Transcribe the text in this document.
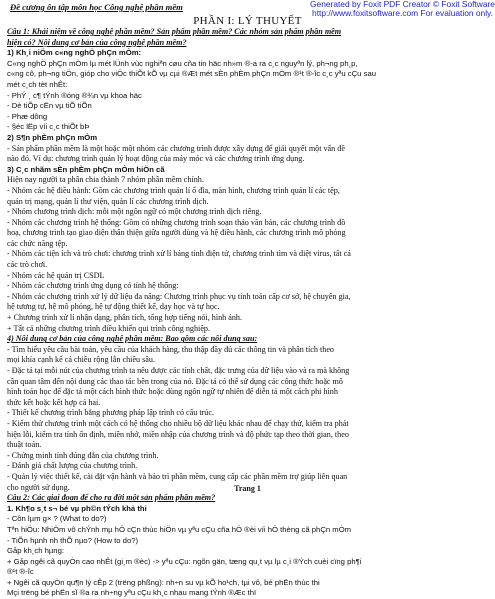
Đề cương ôn tập môn học Công nghệ phần mềm	Generated by Foxit PDF Creator © Foxit Software
http://www.foxitsoftware.com For evaluation only.
PHẦN I: LÝ THUYẾT
Câu 1: Khái niệm về công nghệ phần mềm? Sản phẩm phần mềm? Các nhóm sản phẩm phần mềm
hiện có? Nội dung cơ bản của công nghệ phần mềm?
1) Kh¸i niÖm c«ng nghÖ phÇn mÒm:
C«ng nghÖ phÇn mÒm lµ mét lÜnh vùc nghiªn cøu cña tin häc nh»m ®-a ra c¸c nguyªn lý, ph¬ng ph¸p,
c«ng cô, ph¬ng tiÖn, gióp cho viÖc thiÕt kÕ vµ cµi ®Æt mét sÈn phÈm phÇn mÒm ®¹t ®-îc c¸c yªu cÇu sau
mét c¸ch tèt nhÊt:
- PhÝ ¸ c¶ tÝnh ®óng ®¾n vµ khoa häc
- Dè tiÕp cËn vµ tiÕ tiÕn
- Phæ dông
- §éc lËp víi c¸c thiÕt bÞ
2) S¶n phÈm phÇn mÒm
- Sản phẩm phần mềm là một hoặc một nhóm các chương trình được xây dựng để giải quyết một vấn đề
nào đó. Ví dụ: chương trình quản lý hoạt động của máy móc và các chương trình ứng dụng.
3) C¸c nhãm sÈn phÈm phÇn mÒm hiÖn cã
Hiện nay người ta phân chia thành 7 nhóm phần mềm chính.
- Nhóm các hệ điều hành: Gồm các chương trình quản lí ổ đĩa, màn hình, chương trình quản lí các tệp,
quản trị mạng, quản lí thư viện, quản lí các chương trình dịch.
- Nhóm chương trình dịch: mỗi một ngôn ngữ có một chương trình dịch riêng.
- Nhóm các chương trình hệ thống: Gồm có những chương trình soạn thảo văn bản, các chương trình đồ
hoạ, chương trình tạo giao diện thân thiện giữa người dùng và hệ điều hành, các chương trình mô phỏng
các chức năng tệp.
- Nhóm các tiện ích và trò chơi: chương trình xử lí bảng tính điện tử, chương trình tìm và diệt virus, tất cả
các trò chơi.
- Nhóm các hệ quản trị CSDL
- Nhóm các chương trình ứng dụng có tính hệ thống:
- Nhóm các chương trình xử lý dữ liệu đa năng: Chương trình phục vụ tính toán cấp cơ sở, hệ chuyên gia,
hệ tương tự, hệ mô phỏng, hệ tự động thiết kế, dạy học và tự học.
+ Chương trình xử lí nhận dạng, phân tích, tổng hợp tiếng nói, hình ảnh.
+ Tất cả những chương trình điều khiển qui trình công nghiệp.
4) Nội dung cơ bản của công nghệ phần mềm: Bao gồm các nội dung sau:
- Tìm hiểu yêu cầu bài toán, yêu cầu của khách hàng, thu thập đầy đủ các thông tin và phân tích theo
mọi khía cạnh kể cả chiều rộng lẫn chiều sâu.
- Đặc tả tại mỗi nút của chương trình ta nêu được các tính chất, đặc trưng của dữ liệu vào và ra mà không
cần quan tâm đến nội dung các thao tác bên trong của nó. Đặc tả có thể sử dụng các công thức hoặc mô
hình toán học để đặc tả một cách hình thức hoặc dùng ngôn ngữ tự nhiên để diễn tả một cách phi hình
thức kết hoặc kết hợp cả hai.
- Thiết kế chương trình bằng phương pháp lập trình có cấu trúc.
- Kiểm thử chương trình một cách có hệ thống cho nhiều bộ dữ liệu khác nhau để chạy thử, kiểm tra phát
hiện lỗi, kiểm tra tính ổn định, miền nhớ, miền nhập của chương trình và độ phức tạp theo thời gian, theo
thuật toán.
- Chứng minh tính đúng đắn của chương trình.
- Đánh giá chất lượng của chương trình.
- Quản lý việc thiết kế, cài đặt vận hành và bảo trì phần mềm, cung cấp các phần mềm trợ giúp liên quan
cho người sử dụng.
Câu 2: Các giai đoạn để cho ra đời một sản phẩm phần mềm?
1. Kh¶o s¸t s¬ bé vµ ph©n tÝch khả thi
- Côn lµm g× ? (What to do?)
Tªn hiÖu: NhiÖm vô chÝnh mµ hÖ cÇn thùc hiÖn vµ yªu cÇu cña hÖ ®èi víi hÖ thèng cã phÇn mÒm
- TiÕn hµnh nh thÕ nµo? (How to do?)
Gåp kh¸ch hµng:
+ Gåp ngêi cã quyÒn cao nhÊt (gi¸m ®èc) -> yªu cÇu: ngõn gän, tæng qu¸t vµ lµ c¸i ®Ých cuèi cïng ph¶i
®¹t ®-îc
+ Ngêi cã quyÒn qu¶n lý cÊp 2 (trëng phßng): nh÷n su vµ kÕ ho¹ch, tµi vô, bé phËn thùc thi
Mçi trëng bé phËn sÏ ®a ra nh÷ng yªu cÇu kh¸c nhau mang tÝnh ®Æc thï
Trang 1
